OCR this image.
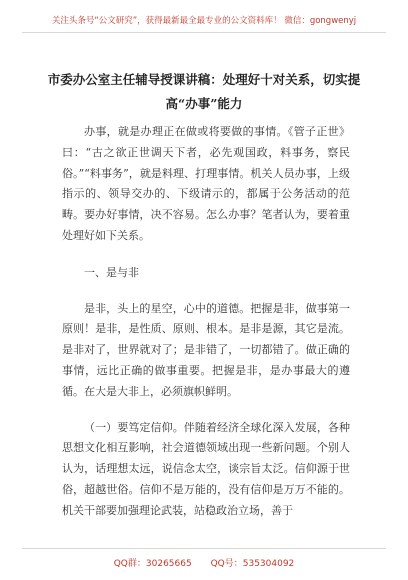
关注头条号“公文研究”，获得最新最全最专业的公文资料库！ 微信：gongwenyj
市委办公室主任辅导授课讲稿：处理好十对关系，切实提高“办事”能力

办事，就是办理正在做或将要做的事情。《管子正世》曰：“古之欲正世调天下者，必先观国政，料事务，察民俗。”“料事务”，就是料理、打理事情。机关人员办事，上级指示的、领导交办的、下级请示的，都属于公务活动的范畴。要办好事情，决不容易。怎么办事？笔者认为，要着重处理好如下关系。

一、是与非

是非，头上的星空，心中的道德。把握是非，做事第一原则！是非，是性质、原则、根本。是非是源，其它是流。是非对了，世界就对了；是非错了，一切都错了。做正确的事情，远比正确的做事重要。把握是非，是办事最大的遵循。在大是大非上，必须旗帜鲜明。

（一）要笃定信仰。伴随着经济全球化深入发展，各种思想文化相互影响，社会道德领域出现一些新问题。个别人认为，话理想太远，说信念太空，谈宗旨太泛。信仰源于世俗，超越世俗。信仰不是万能的，没有信仰是万万不能的。机关干部要加强理论武装，站稳政治立场，善于

QQ群：30265665 QQ号：535304092
